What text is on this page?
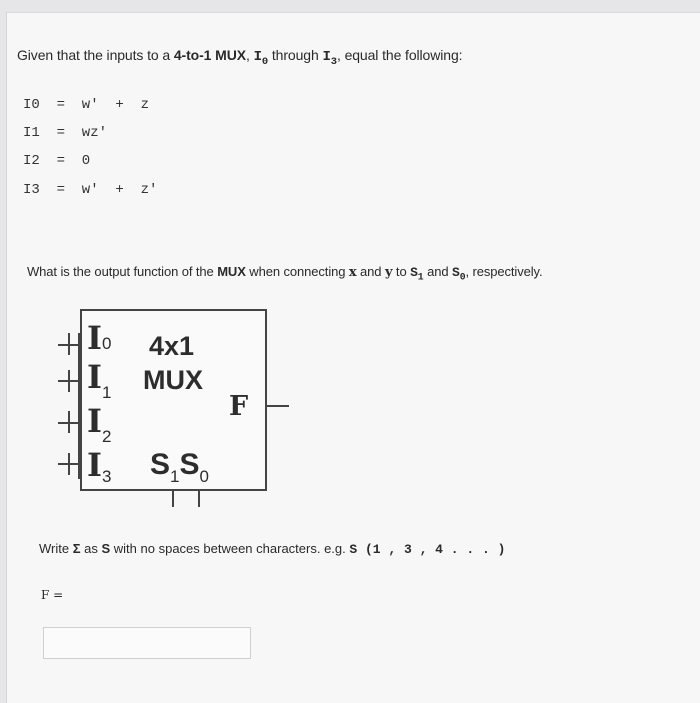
Given that the inputs to a 4-to-1 MUX, $I_0$ through $I_3$, equal the following:
I0  =  w'  +  z
I1  =  wz'
I2  =  0
I3  =  w'  +  z'
What is the output function of the MUX when connecting x and y to $S_1$ and $S_0$, respectively.
I0
I1
I2
I3
4x1
MUX
F
S1S0
Write Σ as S with no spaces between characters. e.g. S (1 , 3 , 4 . . . )
F =
